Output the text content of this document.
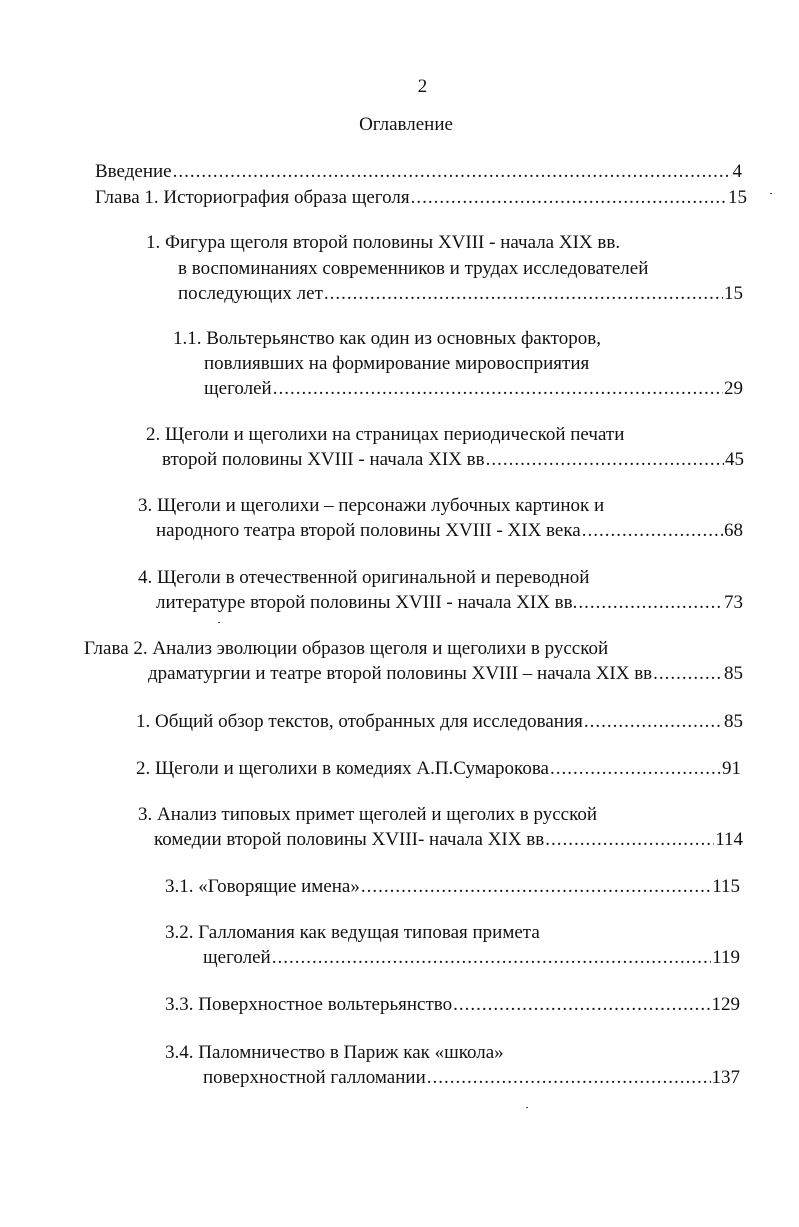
2
Оглавление
Введение .....	4
Глава 1. Историография образа щеголя .....	15
1. Фигура щеголя второй половины XVIII - начала XIX вв.
в воспоминаниях современников и трудах исследователей
последующих лет .....	15
1.1. Вольтерьянство как один из основных факторов,
повлиявших на формирование мировосприятия
щеголей .....	29
2. Щеголи и щеголихи на страницах периодической печати
второй половины XVIII - начала XIX вв .....	45
3. Щеголи и щеголихи – персонажи лубочных картинок и
народного театра второй половины XVIII - XIX века .....	68
4. Щеголи в отечественной оригинальной и переводной
литературе второй половины XVIII - начала XIX вв. .....	73
Глава 2. Анализ эволюции образов щеголя и щеголихи в русской
драматургии и театре второй половины XVIII – начала XIX вв .....	85
1. Общий обзор текстов, отобранных для исследования .....	85
2. Щеголи и щеголихи в комедиях А.П.Сумарокова .....	91
3. Анализ типовых примет щеголей и щеголих в русской
комедии второй половины XVIII- начала XIX вв .....	114
3.1. «Говорящие имена» .....	115
3.2. Галломания как ведущая типовая примета
щеголей .....	119
3.3. Поверхностное вольтерьянство .....	129
3.4. Паломничество в Париж как «школа»
поверхностной галломании .....	137
